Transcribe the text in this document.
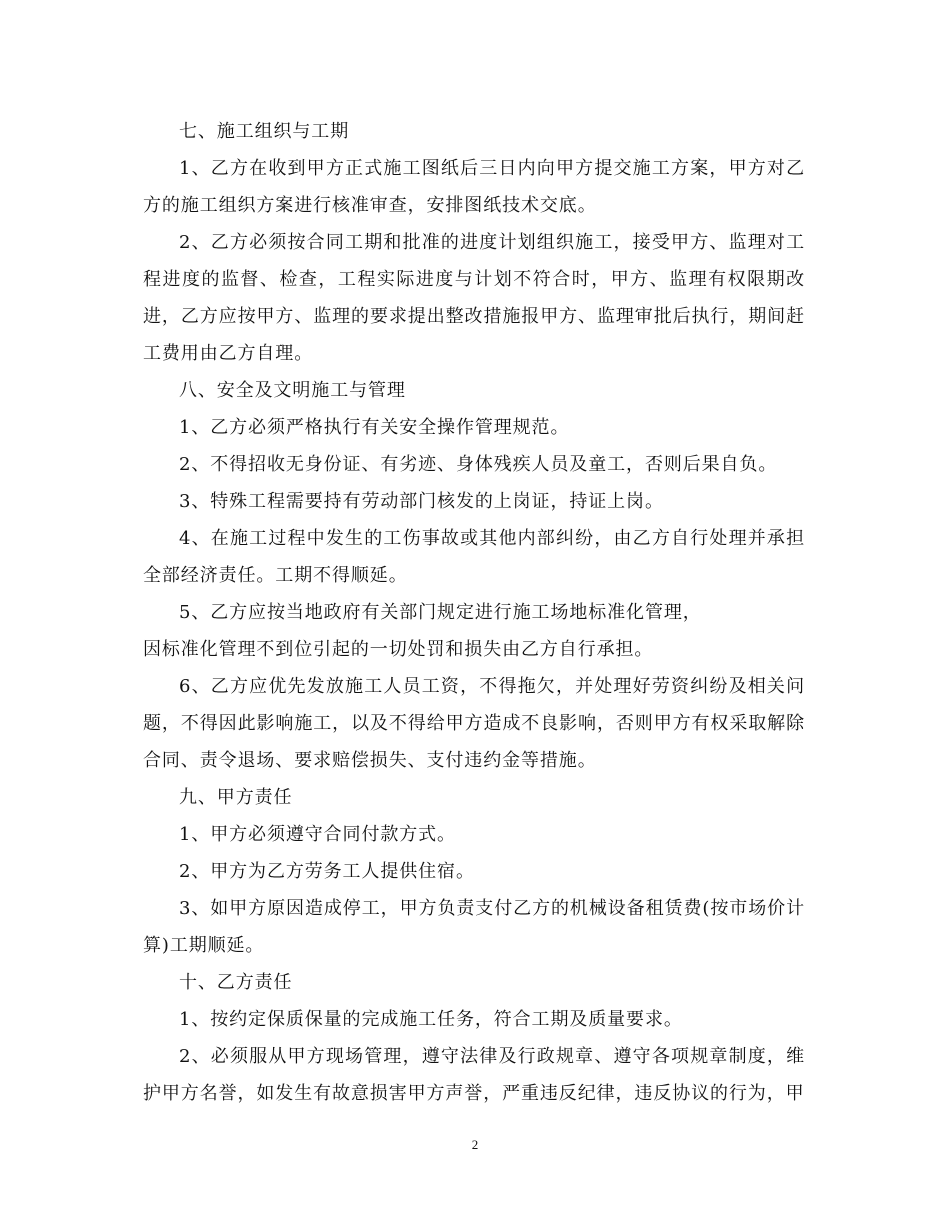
七、施工组织与工期

1、乙方在收到甲方正式施工图纸后三日内向甲方提交施工方案，甲方对乙方的施工组织方案进行核准审查，安排图纸技术交底。

2、乙方必须按合同工期和批准的进度计划组织施工，接受甲方、监理对工程进度的监督、检查，工程实际进度与计划不符合时，甲方、监理有权限期改进，乙方应按甲方、监理的要求提出整改措施报甲方、监理审批后执行，期间赶工费用由乙方自理。

八、安全及文明施工与管理

1、乙方必须严格执行有关安全操作管理规范。

2、不得招收无身份证、有劣迹、身体残疾人员及童工，否则后果自负。

3、特殊工程需要持有劳动部门核发的上岗证，持证上岗。

4、在施工过程中发生的工伤事故或其他内部纠纷，由乙方自行处理并承担全部经济责任。工期不得顺延。

5、乙方应按当地政府有关部门规定进行施工场地标准化管理，

因标准化管理不到位引起的一切处罚和损失由乙方自行承担。

6、乙方应优先发放施工人员工资，不得拖欠，并处理好劳资纠纷及相关问题，不得因此影响施工，以及不得给甲方造成不良影响，否则甲方有权采取解除合同、责令退场、要求赔偿损失、支付违约金等措施。

九、甲方责任

1、甲方必须遵守合同付款方式。

2、甲方为乙方劳务工人提供住宿。

3、如甲方原因造成停工，甲方负责支付乙方的机械设备租赁费(按市场价计算)工期顺延。

十、乙方责任

1、按约定保质保量的完成施工任务，符合工期及质量要求。

2、必须服从甲方现场管理，遵守法律及行政规章、遵守各项规章制度，维护甲方名誉，如发生有故意损害甲方声誉，严重违反纪律，违反协议的行为，甲

2
